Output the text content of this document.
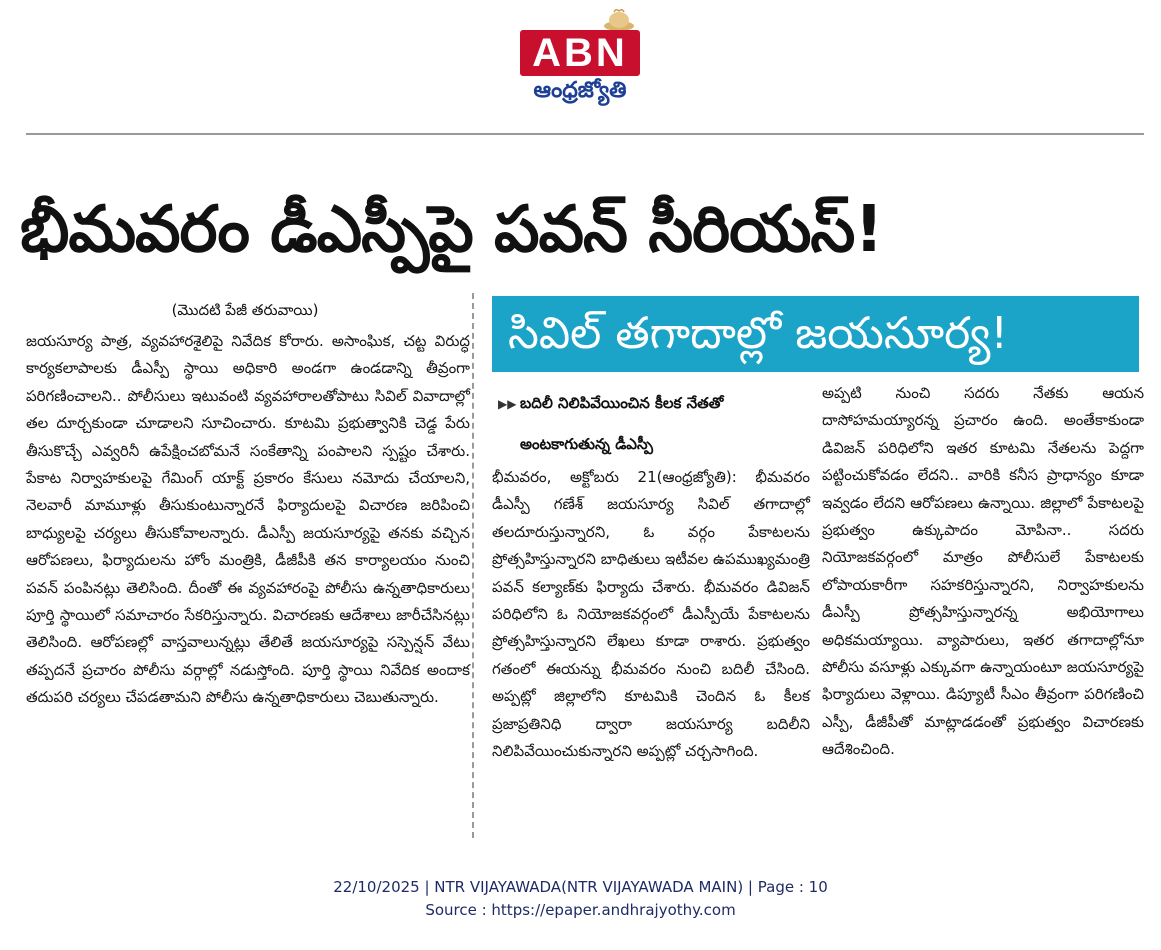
ABN
ఆంధ్రజ్యోతి
భీమవరం డీఎస్పీపై పవన్ సీరియస్!
(మొదటి పేజీ తరువాయి)
జయసూర్య పాత్ర, వ్యవహారశైలిపై నివేదిక కోరారు. అసాంఘిక, చట్ట విరుద్ధ కార్యకలాపాలకు డీఎస్పీ స్థాయి అధికారి అండగా ఉండడాన్ని తీవ్రంగా పరిగణించాలని.. పోలీసులు ఇటువంటి వ్యవహారాలతోపాటు సివిల్ వివాదాల్లో తల దూర్చకుండా చూడాలని సూచించారు. కూటమి ప్రభుత్వానికి చెడ్డ పేరు తీసుకొచ్చే ఎవ్వరినీ ఉపేక్షించబోమనే సంకేతాన్ని పంపాలని స్పష్టం చేశారు. పేకాట నిర్వాహకులపై గేమింగ్ యాక్ట్ ప్రకారం కేసులు నమోదు చేయాలని, నెలవారీ మామూళ్లు తీసుకుంటున్నారనే ఫిర్యాదులపై విచారణ జరిపించి బాధ్యులపై చర్యలు తీసుకోవాలన్నారు. డీఎస్పీ జయసూర్యపై తనకు వచ్చిన ఆరోపణలు, ఫిర్యాదులను హోం మంత్రికి, డీజీపీకి తన కార్యాలయం నుంచి పవన్ పంపినట్లు తెలిసింది. దీంతో ఈ వ్యవహారంపై పోలీసు ఉన్నతాధికారులు పూర్తి స్థాయిలో సమాచారం సేకరిస్తున్నారు. విచారణకు ఆదేశాలు జారీచేసినట్లు తెలిసింది. ఆరోపణల్లో వాస్తవాలున్నట్లు తేలితే జయసూర్యపై సస్పెన్షన్ వేటు తప్పదనే ప్రచారం పోలీసు వర్గాల్లో నడుస్తోంది. పూర్తి స్థాయి నివేదిక అందాక తదుపరి చర్యలు చేపడతామని పోలీసు ఉన్నతాధికారులు చెబుతున్నారు.
సివిల్ తగాదాల్లో జయసూర్య!
▶▶ బదిలీ నిలిపివేయించిన కీలక నేతతో
అంటకాగుతున్న డీఎస్పీ
భీమవరం, అక్టోబరు 21(ఆంధ్రజ్యోతి): భీమవరం డీఎస్పీ గణేశ్ జయసూర్య సివిల్ తగాదాల్లో తలదూరుస్తున్నారని, ఓ వర్గం పేకాటలను ప్రోత్సహిస్తున్నారని బాధితులు ఇటీవల ఉపముఖ్యమంత్రి పవన్ కల్యాణ్‌కు ఫిర్యాదు చేశారు. భీమవరం డివిజన్ పరిధిలోని ఓ నియోజకవర్గంలో డీఎస్పీయే పేకాటలను ప్రోత్సహిస్తున్నారని లేఖలు కూడా రాశారు. ప్రభుత్వం గతంలో ఈయన్ను భీమవరం నుంచి బదిలీ చేసింది. అప్పట్లో జిల్లాలోని కూటమికి చెందిన ఓ కీలక ప్రజాప్రతినిధి ద్వారా జయసూర్య బదిలీని నిలిపివేయించుకున్నారని అప్పట్లో చర్చసాగింది.
అప్పటి నుంచి సదరు నేతకు ఆయన దాసోహమయ్యారన్న ప్రచారం ఉంది. అంతేకాకుండా డివిజన్ పరిధిలోని ఇతర కూటమి నేతలను పెద్దగా పట్టించుకోవడం లేదని.. వారికి కనీస ప్రాధాన్యం కూడా ఇవ్వడం లేదని ఆరోపణలు ఉన్నాయి. జిల్లాలో పేకాటలపై ప్రభుత్వం ఉక్కుపాదం మోపినా.. సదరు నియోజకవర్గంలో మాత్రం పోలీసులే పేకాటలకు లోపాయకారీగా సహకరిస్తున్నారని, నిర్వాహకులను డీఎస్పీ ప్రోత్సహిస్తున్నారన్న అభియోగాలు అధికమయ్యాయి. వ్యాపారులు, ఇతర తగాదాల్లోనూ పోలీసు వసూళ్లు ఎక్కువగా ఉన్నాయంటూ జయసూర్యపై ఫిర్యాదులు వెళ్లాయి. డిప్యూటీ సీఎం తీవ్రంగా పరిగణించి ఎస్పీ, డీజీపీతో మాట్లాడడంతో ప్రభుత్వం విచారణకు ఆదేశించింది.
22/10/2025 | NTR VIJAYAWADA(NTR VIJAYAWADA MAIN) | Page : 10
Source : https://epaper.andhrajyothy.com
